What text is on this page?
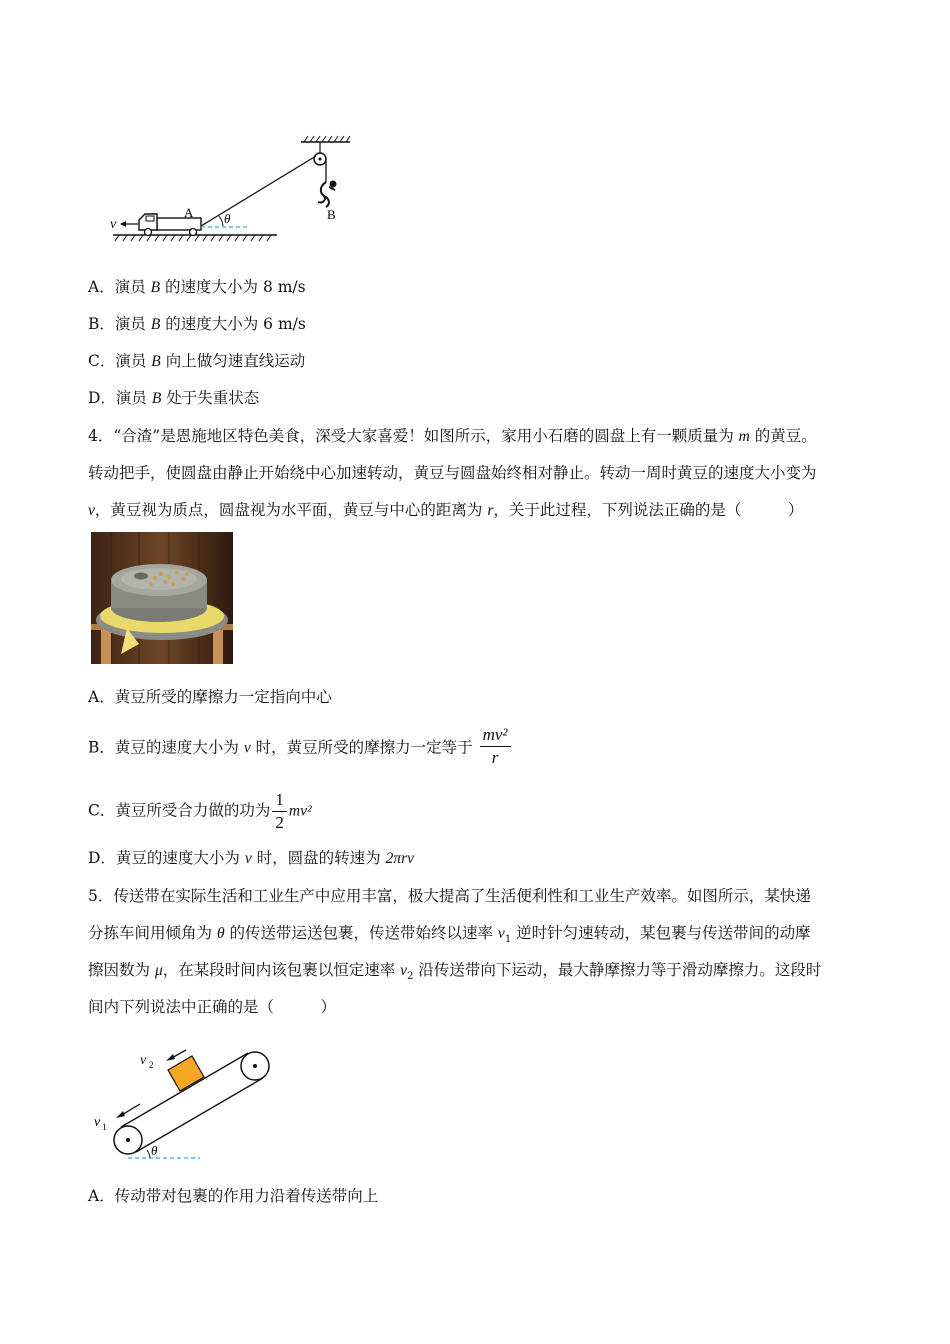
B
v
A θ
A．演员 B 的速度大小为 8 m/s
B．演员 B 的速度大小为 6 m/s
C．演员 B 向上做匀速直线运动
D．演员 B 处于失重状态
4．“合渣”是恩施地区特色美食，深受大家喜爱！如图所示，家用小石磨的圆盘上有一颗质量为 m 的黄豆。
转动把手，使圆盘由静止开始绕中心加速转动，黄豆与圆盘始终相对静止。转动一周时黄豆的速度大小变为
v，黄豆视为质点，圆盘视为水平面，黄豆与中心的距离为 r，关于此过程，下列说法正确的是（　　　）
A．黄豆所受的摩擦力一定指向中心
B．黄豆的速度大小为 v 时，黄豆所受的摩擦力一定等于 $\frac{\text{mv²}}{r}$
C．黄豆所受合力做的功为 $\frac{1}{2} mv^2$
D．黄豆的速度大小为 v 时，圆盘的转速为 2πrv
5．传送带在实际生活和工业生产中应用丰富，极大提高了生活便利性和工业生产效率。如图所示，某快递
分拣车间用倾角为 θ 的传送带运送包裹，传送带始终以速率 $v_1$ 逆时针匀速转动，某包裹与传送带间的动摩
擦因数为 μ，在某段时间内该包裹以恒定速率 $v_2$ 沿传送带向下运动，最大静摩擦力等于滑动摩擦力。这段时
间内下列说法中正确的是（　　　）
v 2
v 1
θ
A．传动带对包裹的作用力沿着传送带向上
